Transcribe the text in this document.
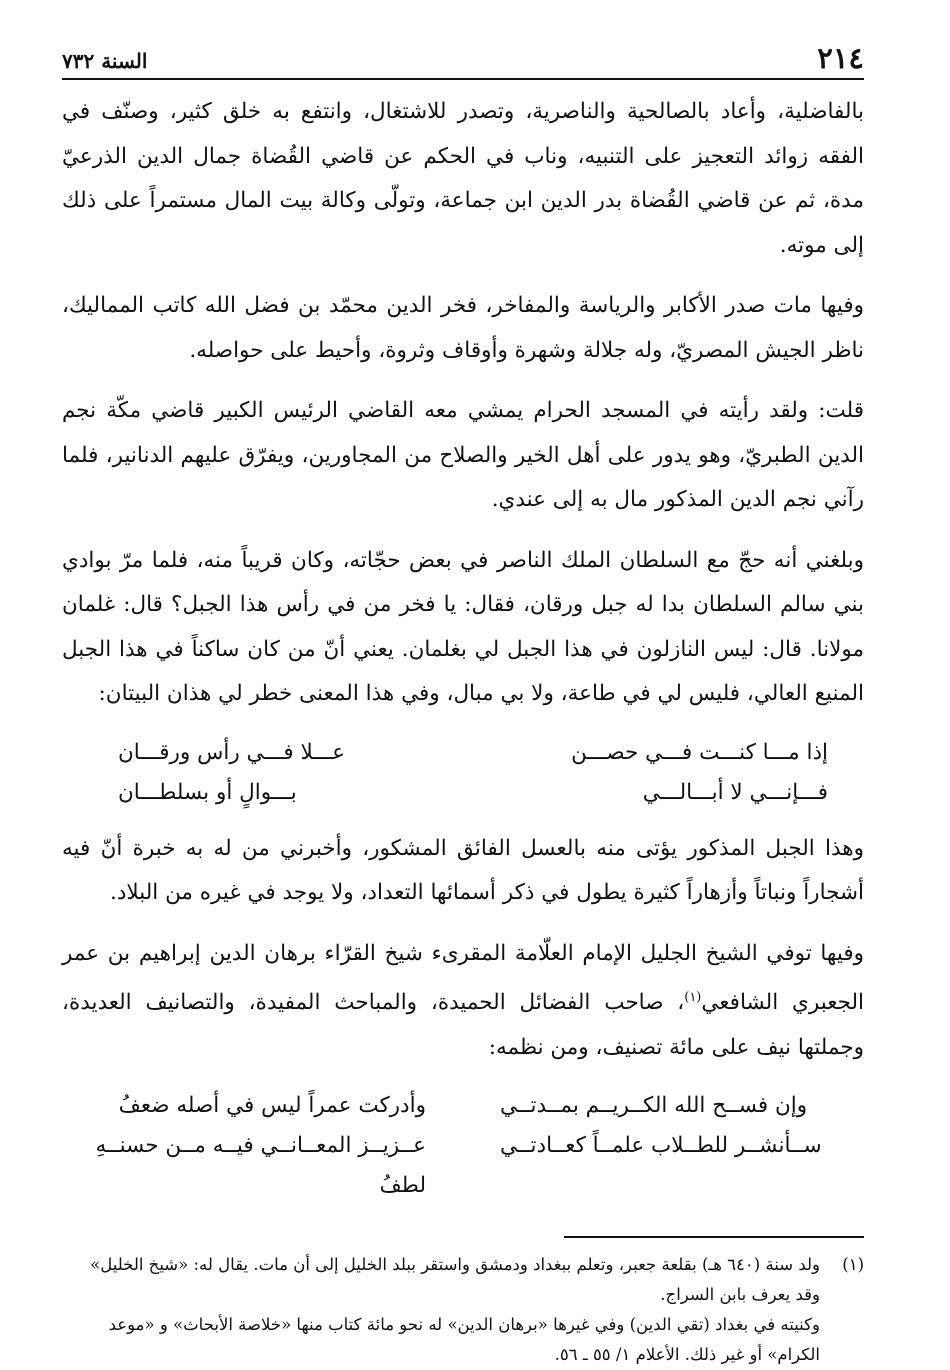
٢١٤
السنة ٧٣٢

بالفاضلية، وأعاد بالصالحية والناصرية، وتصدر للاشتغال، وانتفع به خلق كثير، وصنّف في الفقه زوائد التعجيز على التنبيه، وناب في الحكم عن قاضي القُضاة جمال الدين الذرعيّ مدة، ثم عن قاضي القُضاة بدر الدين ابن جماعة، وتولّى وكالة بيت المال مستمراً على ذلك إلى موته.

وفيها مات صدر الأكابر والرياسة والمفاخر، فخر الدين محمّد بن فضل الله كاتب المماليك، ناظر الجيش المصريّ، وله جلالة وشهرة وأوقاف وثروة، وأحيط على حواصله.

قلت: ولقد رأيته في المسجد الحرام يمشي معه القاضي الرئيس الكبير قاضي مكّة نجم الدين الطبريّ، وهو يدور على أهل الخير والصلاح من المجاورين، ويفرّق عليهم الدنانير، فلما رآني نجم الدين المذكور مال به إلى عندي.

وبلغني أنه حجّ مع السلطان الملك الناصر في بعض حجّاته، وكان قريباً منه، فلما مرّ بوادي بني سالم السلطان بدا له جبل ورقان، فقال: يا فخر من في رأس هذا الجبل؟ قال: غلمان مولانا. قال: ليس النازلون في هذا الجبل لي بغلمان. يعني أنّ من كان ساكناً في هذا الجبل المنيع العالي، فليس لي في طاعة، ولا بي مبال، وفي هذا المعنى خطر لي هذان البيتان:

إذا مـــا كنـــت فـــي حصـــن
عـــلا فـــي رأس ورقـــان
فـــإنـــي لا أبـــالـــي
بـــوالٍ أو بسلطـــان

وهذا الجبل المذكور يؤتى منه بالعسل الفائق المشكور، وأخبرني من له به خبرة أنّ فيه أشجاراً ونباتاً وأزهاراً كثيرة يطول في ذكر أسمائها التعداد، ولا يوجد في غيره من البلاد.

وفيها توفي الشيخ الجليل الإمام العلّامة المقرىء شيخ القرّاء برهان الدين إبراهيم بن عمر الجعبري الشافعي$^{(١)}$، صاحب الفضائل الحميدة، والمباحث المفيدة، والتصانيف العديدة، وجملتها نيف على مائة تصنيف، ومن نظمه:

وإن فســح الله الكــريــم بمــدتــي
وأدركت عمراً ليس في أصله ضعفُ
ســأنشــر للطــلاب علمــاً كعــادتــي
عــزيــز المعــانــي فيــه مــن حسنــهِ لطفُ
(١)
ولد سنة (٦٤٠ هـ) بقلعة جعبر، وتعلم ببغداد ودمشق واستقر ببلد الخليل إلى أن مات. يقال له: «شيخ الخليل» وقد يعرف بابن السراج.
وكنيته في بغداد (تقي الدين) وفي غيرها «برهان الدين» له نحو مائة كتاب منها «خلاصة الأبحاث» و «موعد الكرام» أو غير ذلك. الأعلام ١/ ٥٥ ـ ٥٦.
